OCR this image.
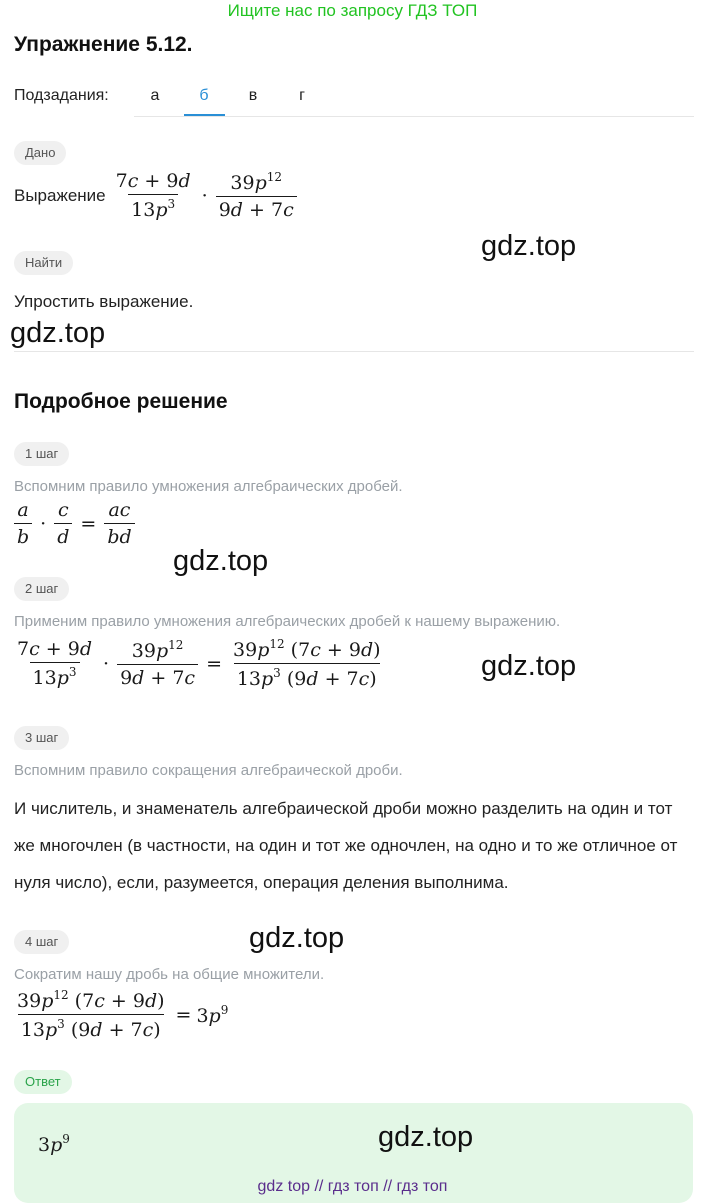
Ищите нас по запросу ГДЗ ТОП
Упражнение 5.12.
Подзадания:	а	б	в	г
Дано
Выражение $\frac{7c + 9d}{13p^3} \cdot \frac{39p^{12}}{9d + 7c}$
gdz.top
Найти
Упростить выражение.
gdz.top
Подробное решение
1 шаг
Вспомним правило умножения алгебраических дробей.
$\frac{a}{b} \cdot \frac{c}{d} = \frac{ac}{bd}$
gdz.top
2 шаг
Применим правило умножения алгебраических дробей к нашему выражению.
$\frac{7c + 9d}{13p^3} \cdot \frac{39p^{12}}{9d + 7c} = \frac{39p^{12} (7c + 9d)}{13p^3 (9d + 7c)}$	gdz.top
3 шаг
Вспомним правило сокращения алгебраической дроби.
И числитель, и знаменатель алгебраической дроби можно разделить на один и тот же многочлен (в частности, на один и тот же одночлен, на одно и то же отличное от нуля число), если, разумеется, операция деления выполнима.
4 шаг	gdz.top
Сократим нашу дробь на общие множители.
$\frac{39p^{12} (7c + 9d)}{13p^3 (9d + 7c)} = 3p^9$
Ответ
$3p^9$	gdz.top
gdz top // гдз топ // гдз топ
